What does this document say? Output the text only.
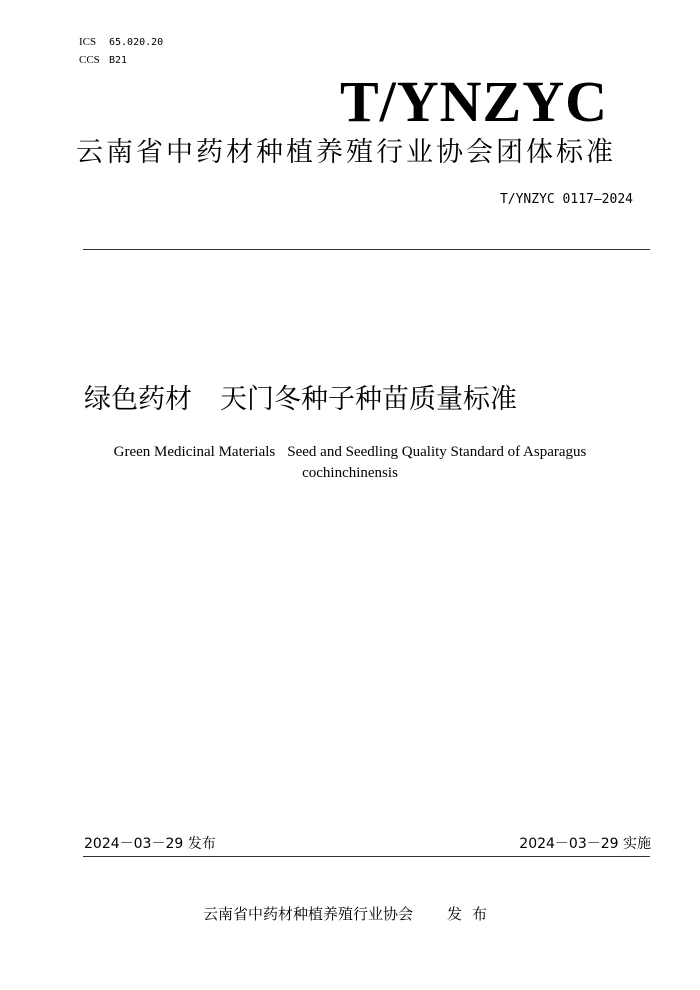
ICS 65.020.20
CCS B21
T/YNZYC
云南省中药材种植养殖行业协会团体标准
T/YNZYC 0117—2024
绿色药材 天门冬种子种苗质量标准
Green Medicinal Materials Seed and Seedling Quality Standard of Asparagus
cochinchinensis
2024－03－29 发布	2024－03－29 实施
云南省中药材种植养殖行业协会 发布
